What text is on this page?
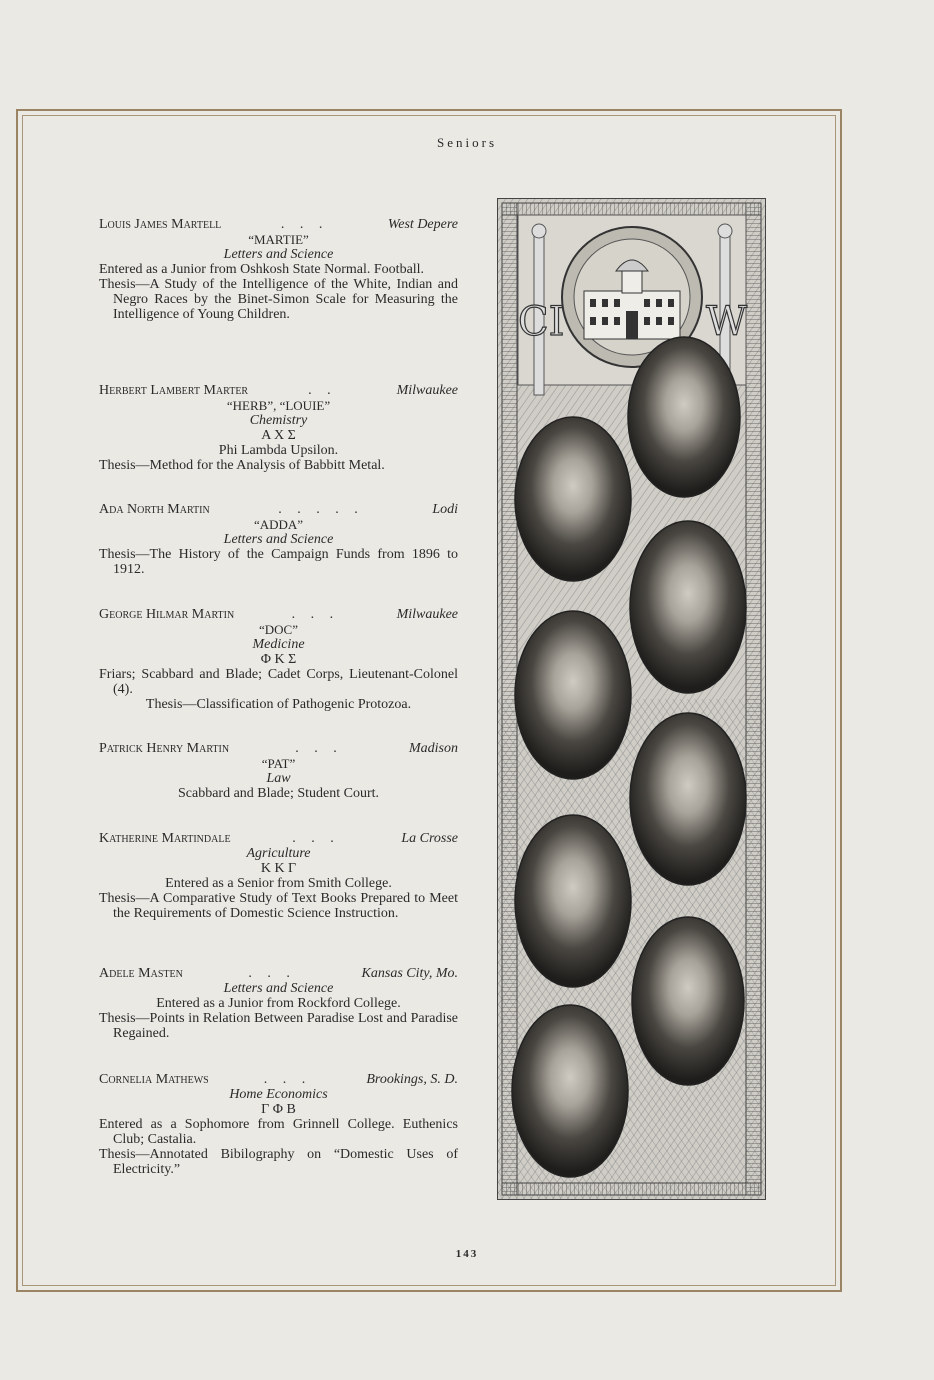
Seniors
Louis James Martell	. . .	West Depere
“MARTIE”
Letters and Science
Entered as a Junior from Oshkosh State Normal. Football.
Thesis—A Study of the Intelligence of the White, Indian and Negro Races by the Binet-Simon Scale for Measuring the Intelligence of Young Children.
Herbert Lambert Marter	. .	Milwaukee
“HERB”, “LOUIE”
Chemistry
Α Χ Σ
Phi Lambda Upsilon.
Thesis—Method for the Analysis of Babbitt Metal.
Ada North Martin	. . . . .	Lodi
“ADDA”
Letters and Science
Thesis—The History of the Campaign Funds from 1896 to 1912.
George Hilmar Martin	. . .	Milwaukee
“DOC”
Medicine
Φ Κ Σ
Friars; Scabbard and Blade; Cadet Corps, Lieutenant-Colonel (4).
Thesis—Classification of Pathogenic Protozoa.
Patrick Henry Martin	. . .	Madison
“PAT”
Law
Scabbard and Blade; Student Court.
Katherine Martindale	. . .	La Crosse
Agriculture
Κ Κ Γ
Entered as a Senior from Smith College.
Thesis—A Comparative Study of Text Books Prepared to Meet the Requirements of Domestic Science Instruction.
Adele Masten	. . .	Kansas City, Mo.
Letters and Science
Entered as a Junior from Rockford College.
Thesis—Points in Relation Between Paradise Lost and Paradise Regained.
Cornelia Mathews	. . .	Brookings, S. D.
Home Economics
Γ Φ Β
Entered as a Sophomore from Grinnell College. Euthenics Club; Castalia.
Thesis—Annotated Bibilography on “Domestic Uses of Electricity.”
CI	W
143
